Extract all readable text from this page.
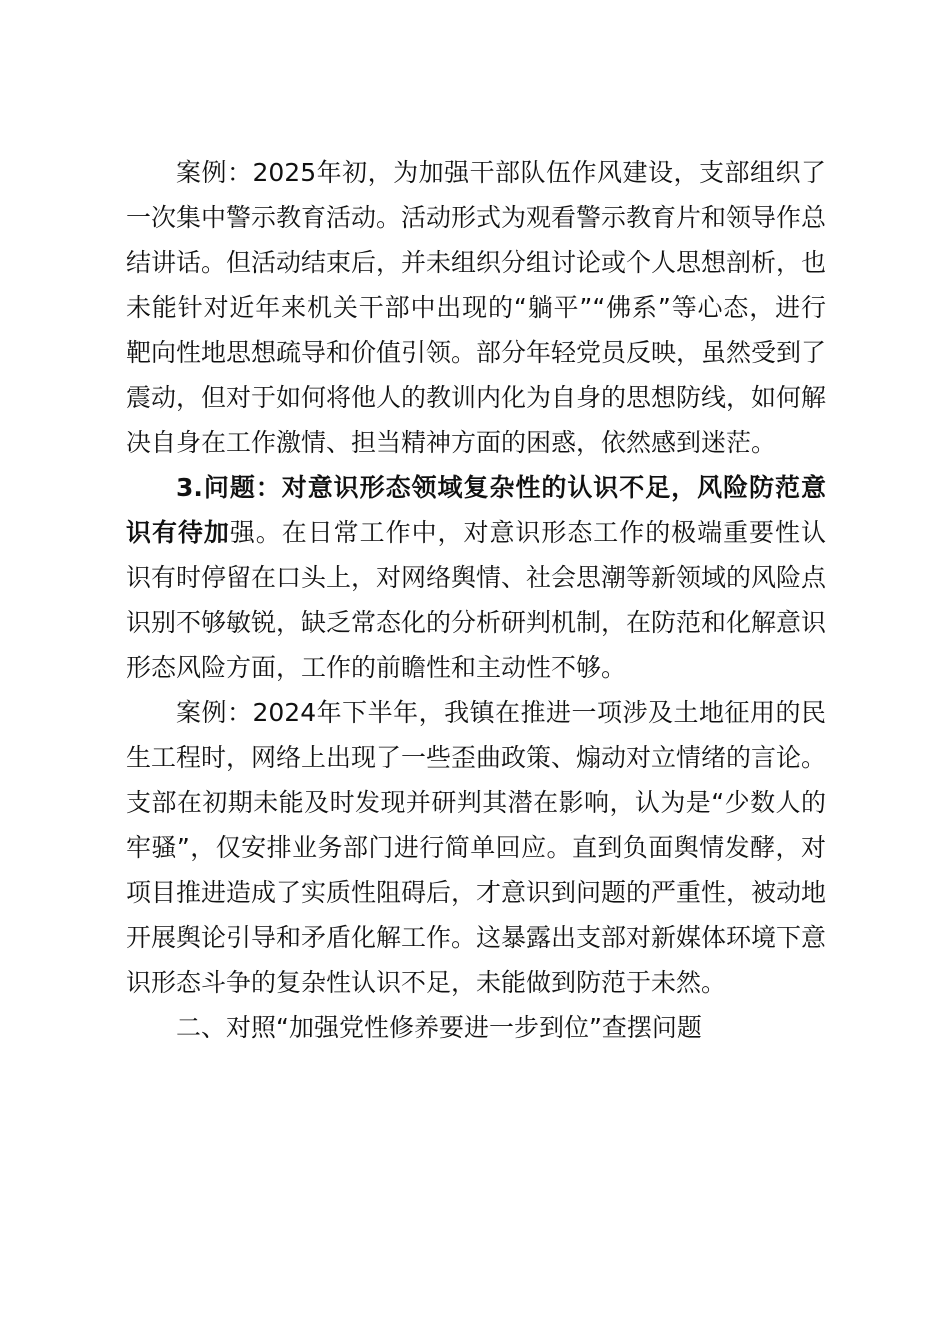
案例：2025年初，为加强干部队伍作风建设，支部组织了一次集中警示教育活动。活动形式为观看警示教育片和领导作总结讲话。但活动结束后，并未组织分组讨论或个人思想剖析，也未能针对近年来机关干部中出现的“躺平”“佛系”等心态，进行靶向性地思想疏导和价值引领。部分年轻党员反映，虽然受到了震动，但对于如何将他人的教训内化为自身的思想防线，如何解决自身在工作激情、担当精神方面的困惑，依然感到迷茫。

3.问题：对意识形态领域复杂性的认识不足，风险防范意识有待加强。在日常工作中，对意识形态工作的极端重要性认识有时停留在口头上，对网络舆情、社会思潮等新领域的风险点识别不够敏锐，缺乏常态化的分析研判机制，在防范和化解意识形态风险方面，工作的前瞻性和主动性不够。

案例：2024年下半年，我镇在推进一项涉及土地征用的民生工程时，网络上出现了一些歪曲政策、煽动对立情绪的言论。支部在初期未能及时发现并研判其潜在影响，认为是“少数人的牢骚”，仅安排业务部门进行简单回应。直到负面舆情发酵，对项目推进造成了实质性阻碍后，才意识到问题的严重性，被动地开展舆论引导和矛盾化解工作。这暴露出支部对新媒体环境下意识形态斗争的复杂性认识不足，未能做到防范于未然。

二、对照“加强党性修养要进一步到位”查摆问题
